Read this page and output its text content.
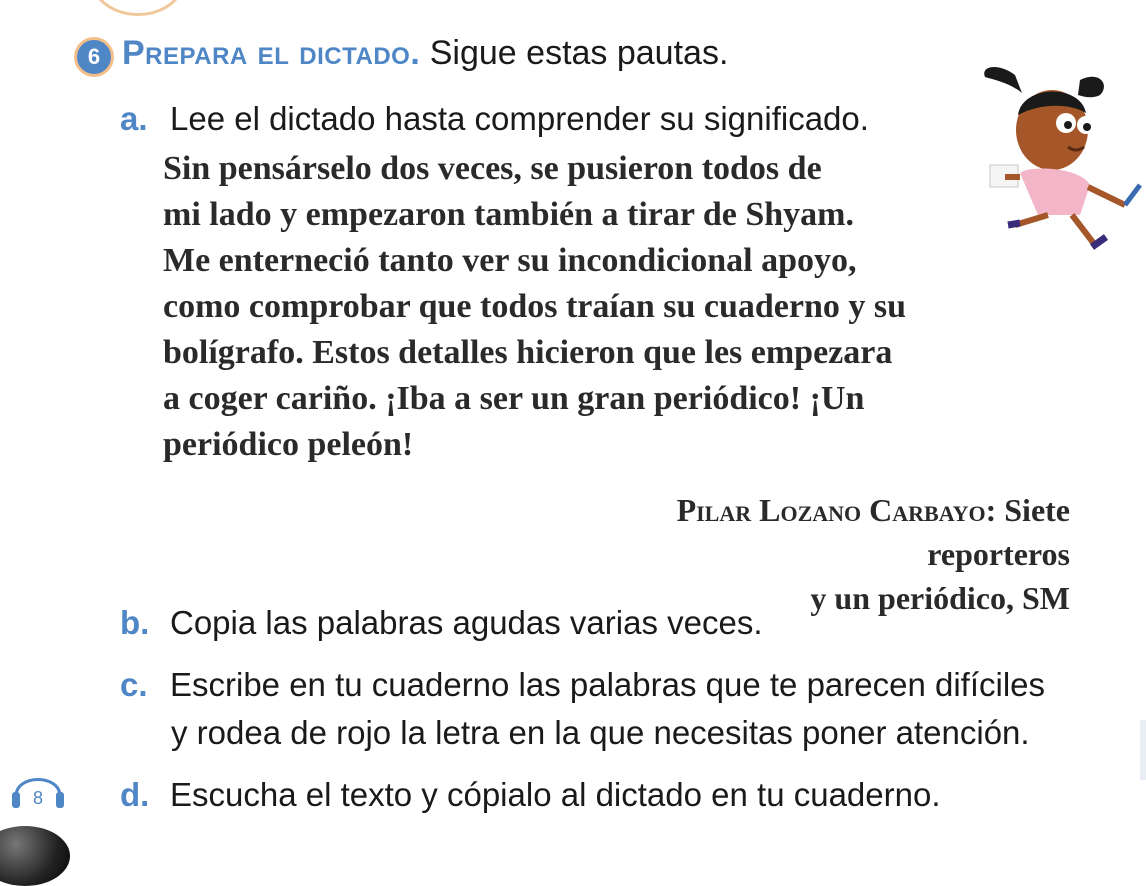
6 Prepara el dictado. Sigue estas pautas.
a. Lee el dictado hasta comprender su significado.
Sin pensárselo dos veces, se pusieron todos de
mi lado y empezaron también a tirar de Shyam.
Me enterneció tanto ver su incondicional apoyo,
como comprobar que todos traían su cuaderno y su
bolígrafo. Estos detalles hicieron que les empezara
a coger cariño. ¡Iba a ser un gran periódico! ¡Un
periódico peleón!
Pilar Lozano Carbayo: Siete reporteros
y un periódico, SM
b. Copia las palabras agudas varias veces.
c. Escribe en tu cuaderno las palabras que te parecen difíciles
y rodea de rojo la letra en la que necesitas poner atención.
d. Escucha el texto y cópialo al dictado en tu cuaderno.
8
